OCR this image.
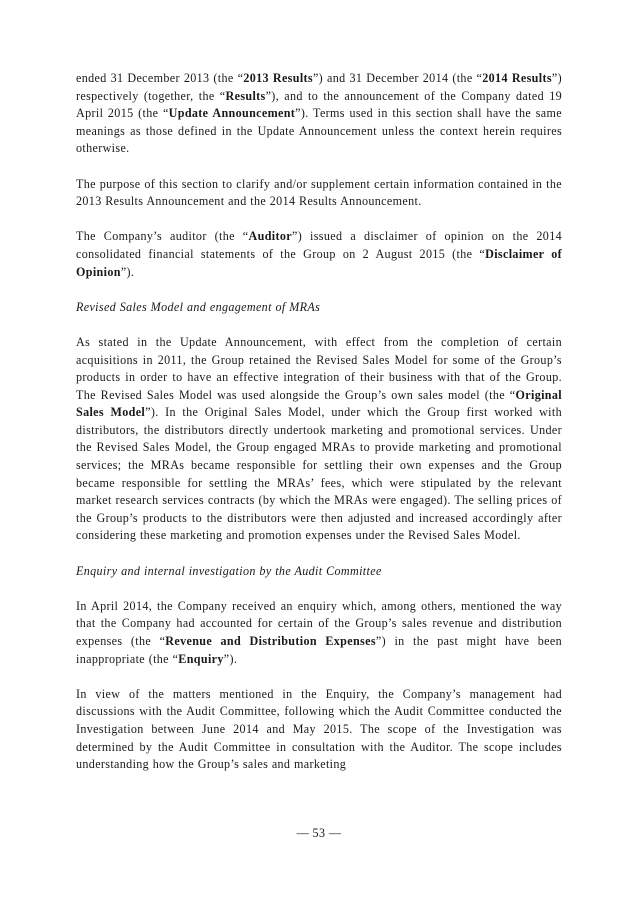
ended 31 December 2013 (the “2013 Results”) and 31 December 2014 (the “2014 Results”) respectively (together, the “Results”), and to the announcement of the Company dated 19 April 2015 (the “Update Announcement”). Terms used in this section shall have the same meanings as those defined in the Update Announcement unless the context herein requires otherwise.

The purpose of this section to clarify and/or supplement certain information contained in the 2013 Results Announcement and the 2014 Results Announcement.

The Company’s auditor (the “Auditor”) issued a disclaimer of opinion on the 2014 consolidated financial statements of the Group on 2 August 2015 (the “Disclaimer of Opinion”).

Revised Sales Model and engagement of MRAs

As stated in the Update Announcement, with effect from the completion of certain acquisitions in 2011, the Group retained the Revised Sales Model for some of the Group’s products in order to have an effective integration of their business with that of the Group. The Revised Sales Model was used alongside the Group’s own sales model (the “Original Sales Model”). In the Original Sales Model, under which the Group first worked with distributors, the distributors directly undertook marketing and promotional services. Under the Revised Sales Model, the Group engaged MRAs to provide marketing and promotional services; the MRAs became responsible for settling their own expenses and the Group became responsible for settling the MRAs’ fees, which were stipulated by the relevant market research services contracts (by which the MRAs were engaged). The selling prices of the Group’s products to the distributors were then adjusted and increased accordingly after considering these marketing and promotion expenses under the Revised Sales Model.

Enquiry and internal investigation by the Audit Committee

In April 2014, the Company received an enquiry which, among others, mentioned the way that the Company had accounted for certain of the Group’s sales revenue and distribution expenses (the “Revenue and Distribution Expenses”) in the past might have been inappropriate (the “Enquiry”).

In view of the matters mentioned in the Enquiry, the Company’s management had discussions with the Audit Committee, following which the Audit Committee conducted the Investigation between June 2014 and May 2015. The scope of the Investigation was determined by the Audit Committee in consultation with the Auditor. The scope includes understanding how the Group’s sales and marketing

— 53 —
